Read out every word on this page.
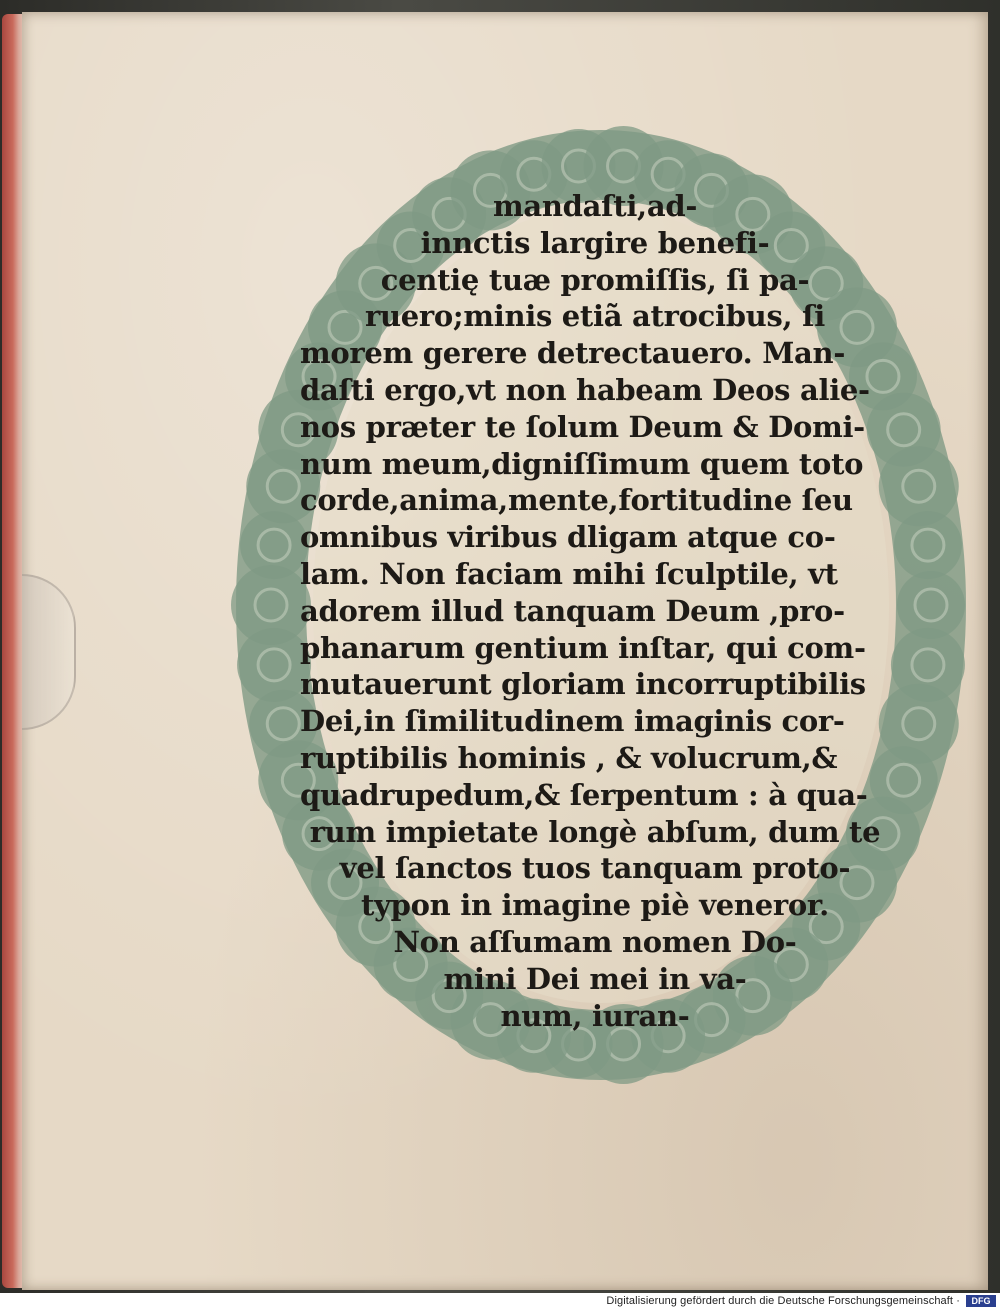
mandaſti,ad-
innctis largire benefi-
centię tuæ promiſſis, ſi pa-
ruero;minis etiã atrocibus, ſi
morem gerere detrectauero. Man-
daſti ergo,vt non habeam Deos alie-
nos præter te ſolum Deum & Domi-
num meum,digniſſimum quem toto
corde,anima,mente,fortitudine ſeu
omnibus viribus dligam atque co-
lam. Non faciam mihi ſculptile, vt
adorem illud tanquam Deum ,pro-
phanarum gentium inſtar, qui com-
mutauerunt gloriam incorruptibilis
Dei,in ſimilitudinem imaginis cor-
ruptibilis hominis , & volucrum,&
quadrupedum,& ſerpentum : à qua-
rum impietate longè abſum, dum te
vel ſanctos tuos tanquam proto-
typon in imagine piè veneror.
Non aſſumam nomen Do-
mini Dei mei in va-
num, iuran-
Digitalisierung gefördert durch die Deutsche Forschungsgemeinschaft ·	DFG
